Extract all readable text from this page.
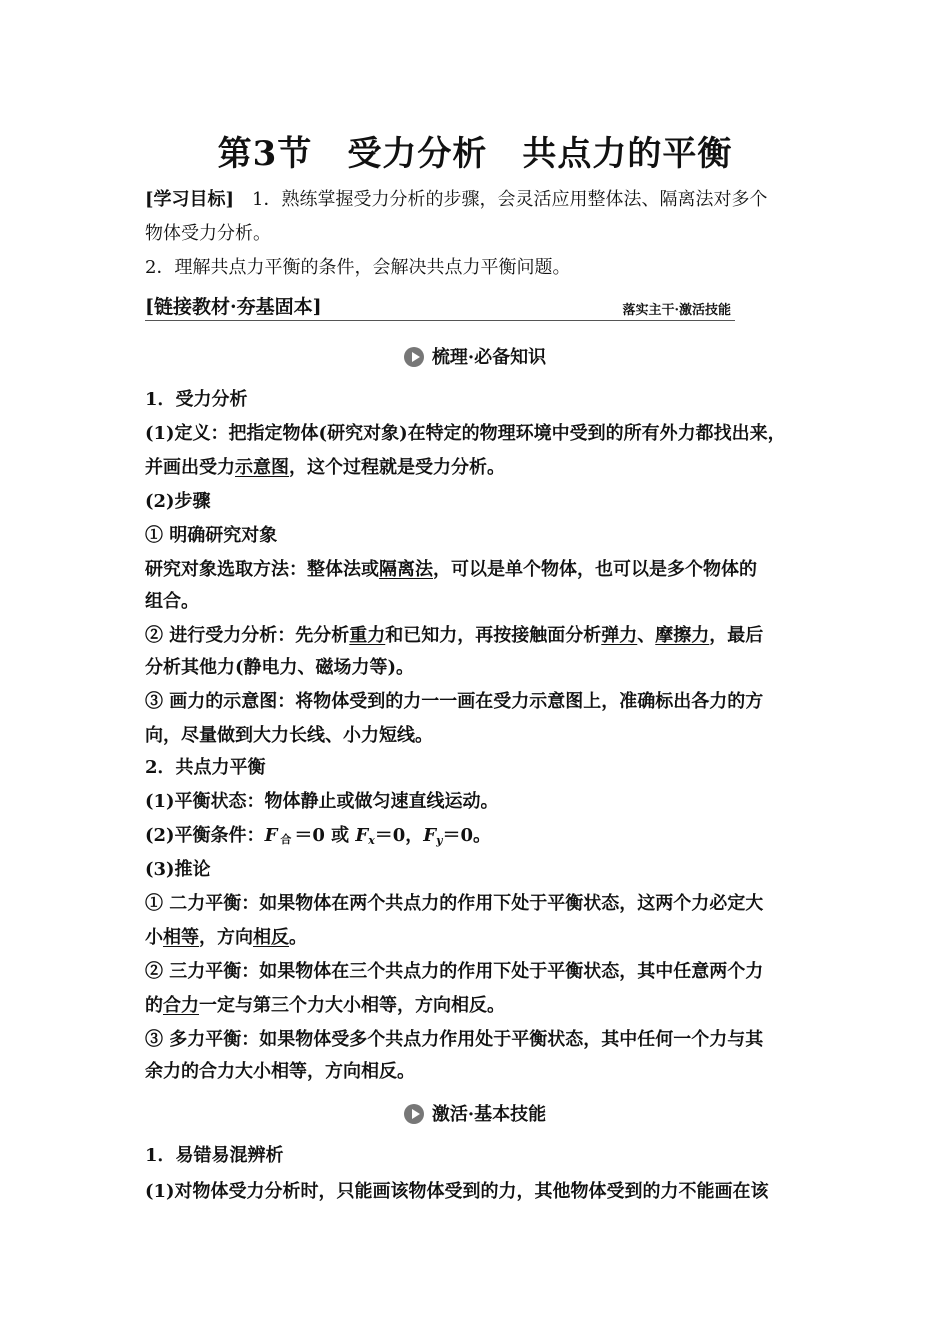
第3节　受力分析　共点力的平衡
[学习目标]　1．熟练掌握受力分析的步骤，会灵活应用整体法、隔离法对多个
物体受力分析。
2．理解共点力平衡的条件，会解决共点力平衡问题。
[链接教材·夯基固本]	落实主干·激活技能
梳理·必备知识
1．受力分析
(1)定义：把指定物体(研究对象)在特定的物理环境中受到的所有外力都找出来，
并画出受力示意图，这个过程就是受力分析。
(2)步骤
① 明确研究对象
研究对象选取方法：整体法或隔离法，可以是单个物体，也可以是多个物体的
组合。
② 进行受力分析：先分析重力和已知力，再按接触面分析弹力、摩擦力，最后
分析其他力(静电力、磁场力等)。
③ 画力的示意图：将物体受到的力一一画在受力示意图上，准确标出各力的方
向，尽量做到大力长线、小力短线。
2．共点力平衡
(1)平衡状态：物体静止或做匀速直线运动。
(2)平衡条件：F 合 ＝0 或 $F_x=0$，$F_y=0$。
(3)推论
① 二力平衡：如果物体在两个共点力的作用下处于平衡状态，这两个力必定大
小相等，方向相反。
② 三力平衡：如果物体在三个共点力的作用下处于平衡状态，其中任意两个力
的合力一定与第三个力大小相等，方向相反。
③ 多力平衡：如果物体受多个共点力作用处于平衡状态，其中任何一个力与其
余力的合力大小相等，方向相反。
激活·基本技能
1．易错易混辨析
(1)对物体受力分析时，只能画该物体受到的力，其他物体受到的力不能画在该
